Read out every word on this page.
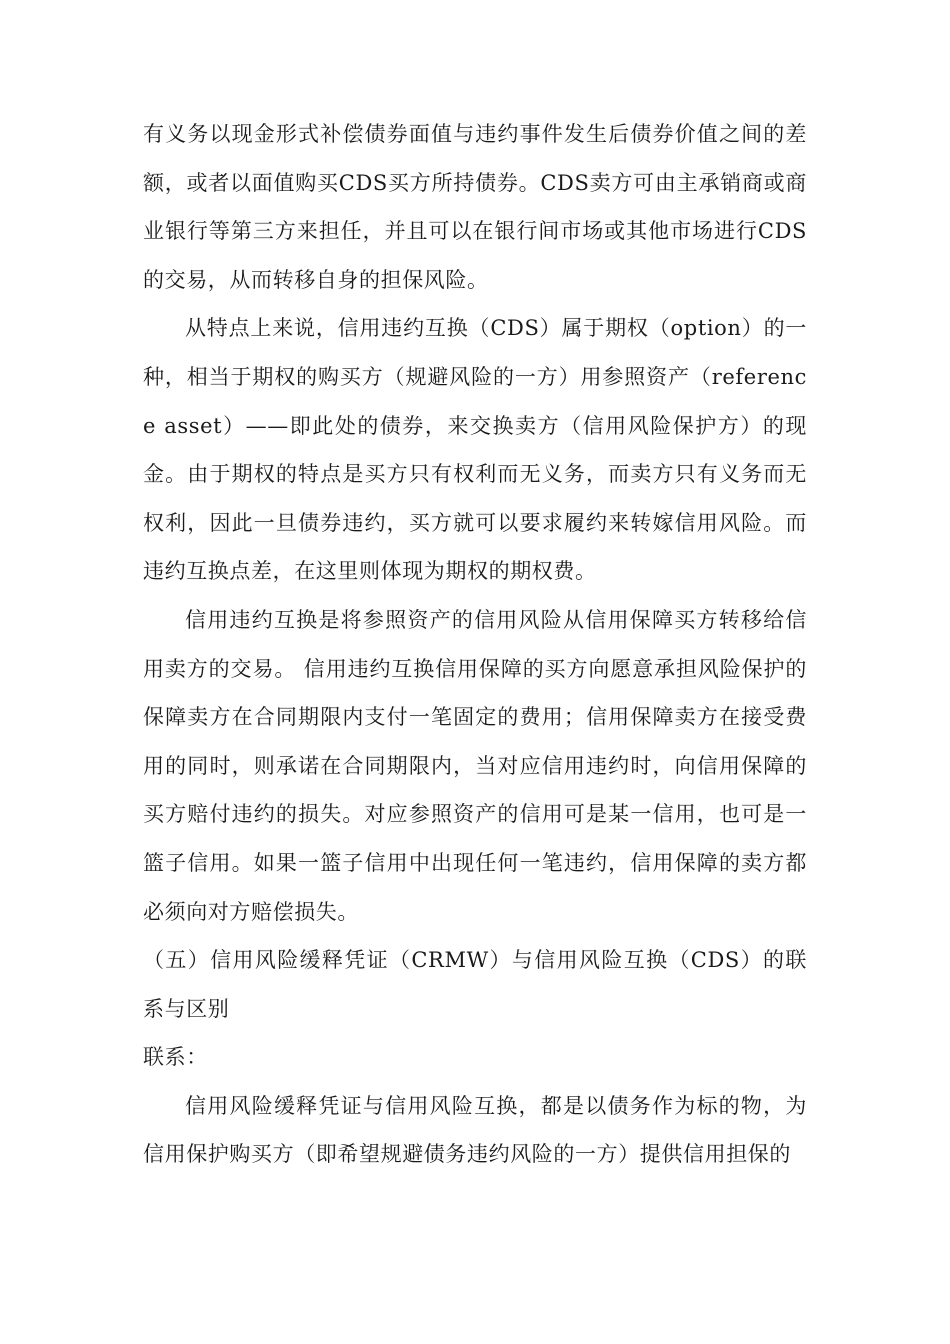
有义务以现金形式补偿债券面值与违约事件发生后债券价值之间的差额，或者以面值购买CDS买方所持债券。CDS卖方可由主承销商或商业银行等第三方来担任，并且可以在银行间市场或其他市场进行CDS的交易，从而转移自身的担保风险。

从特点上来说，信用违约互换（CDS）属于期权（option）的一种，相当于期权的购买方（规避风险的一方）用参照资产（reference asset）——即此处的债券，来交换卖方（信用风险保护方）的现金。由于期权的特点是买方只有权利而无义务，而卖方只有义务而无权利，因此一旦债券违约，买方就可以要求履约来转嫁信用风险。而违约互换点差，在这里则体现为期权的期权费。

信用违约互换是将参照资产的信用风险从信用保障买方转移给信用卖方的交易。 信用违约互换信用保障的买方向愿意承担风险保护的保障卖方在合同期限内支付一笔固定的费用；信用保障卖方在接受费用的同时，则承诺在合同期限内，当对应信用违约时，向信用保障的买方赔付违约的损失。对应参照资产的信用可是某一信用，也可是一篮子信用。如果一篮子信用中出现任何一笔违约，信用保障的卖方都必须向对方赔偿损失。

（五）信用风险缓释凭证（CRMW）与信用风险互换（CDS）的联系与区别

联系：

信用风险缓释凭证与信用风险互换，都是以债务作为标的物，为信用保护购买方（即希望规避债务违约风险的一方）提供信用担保的
